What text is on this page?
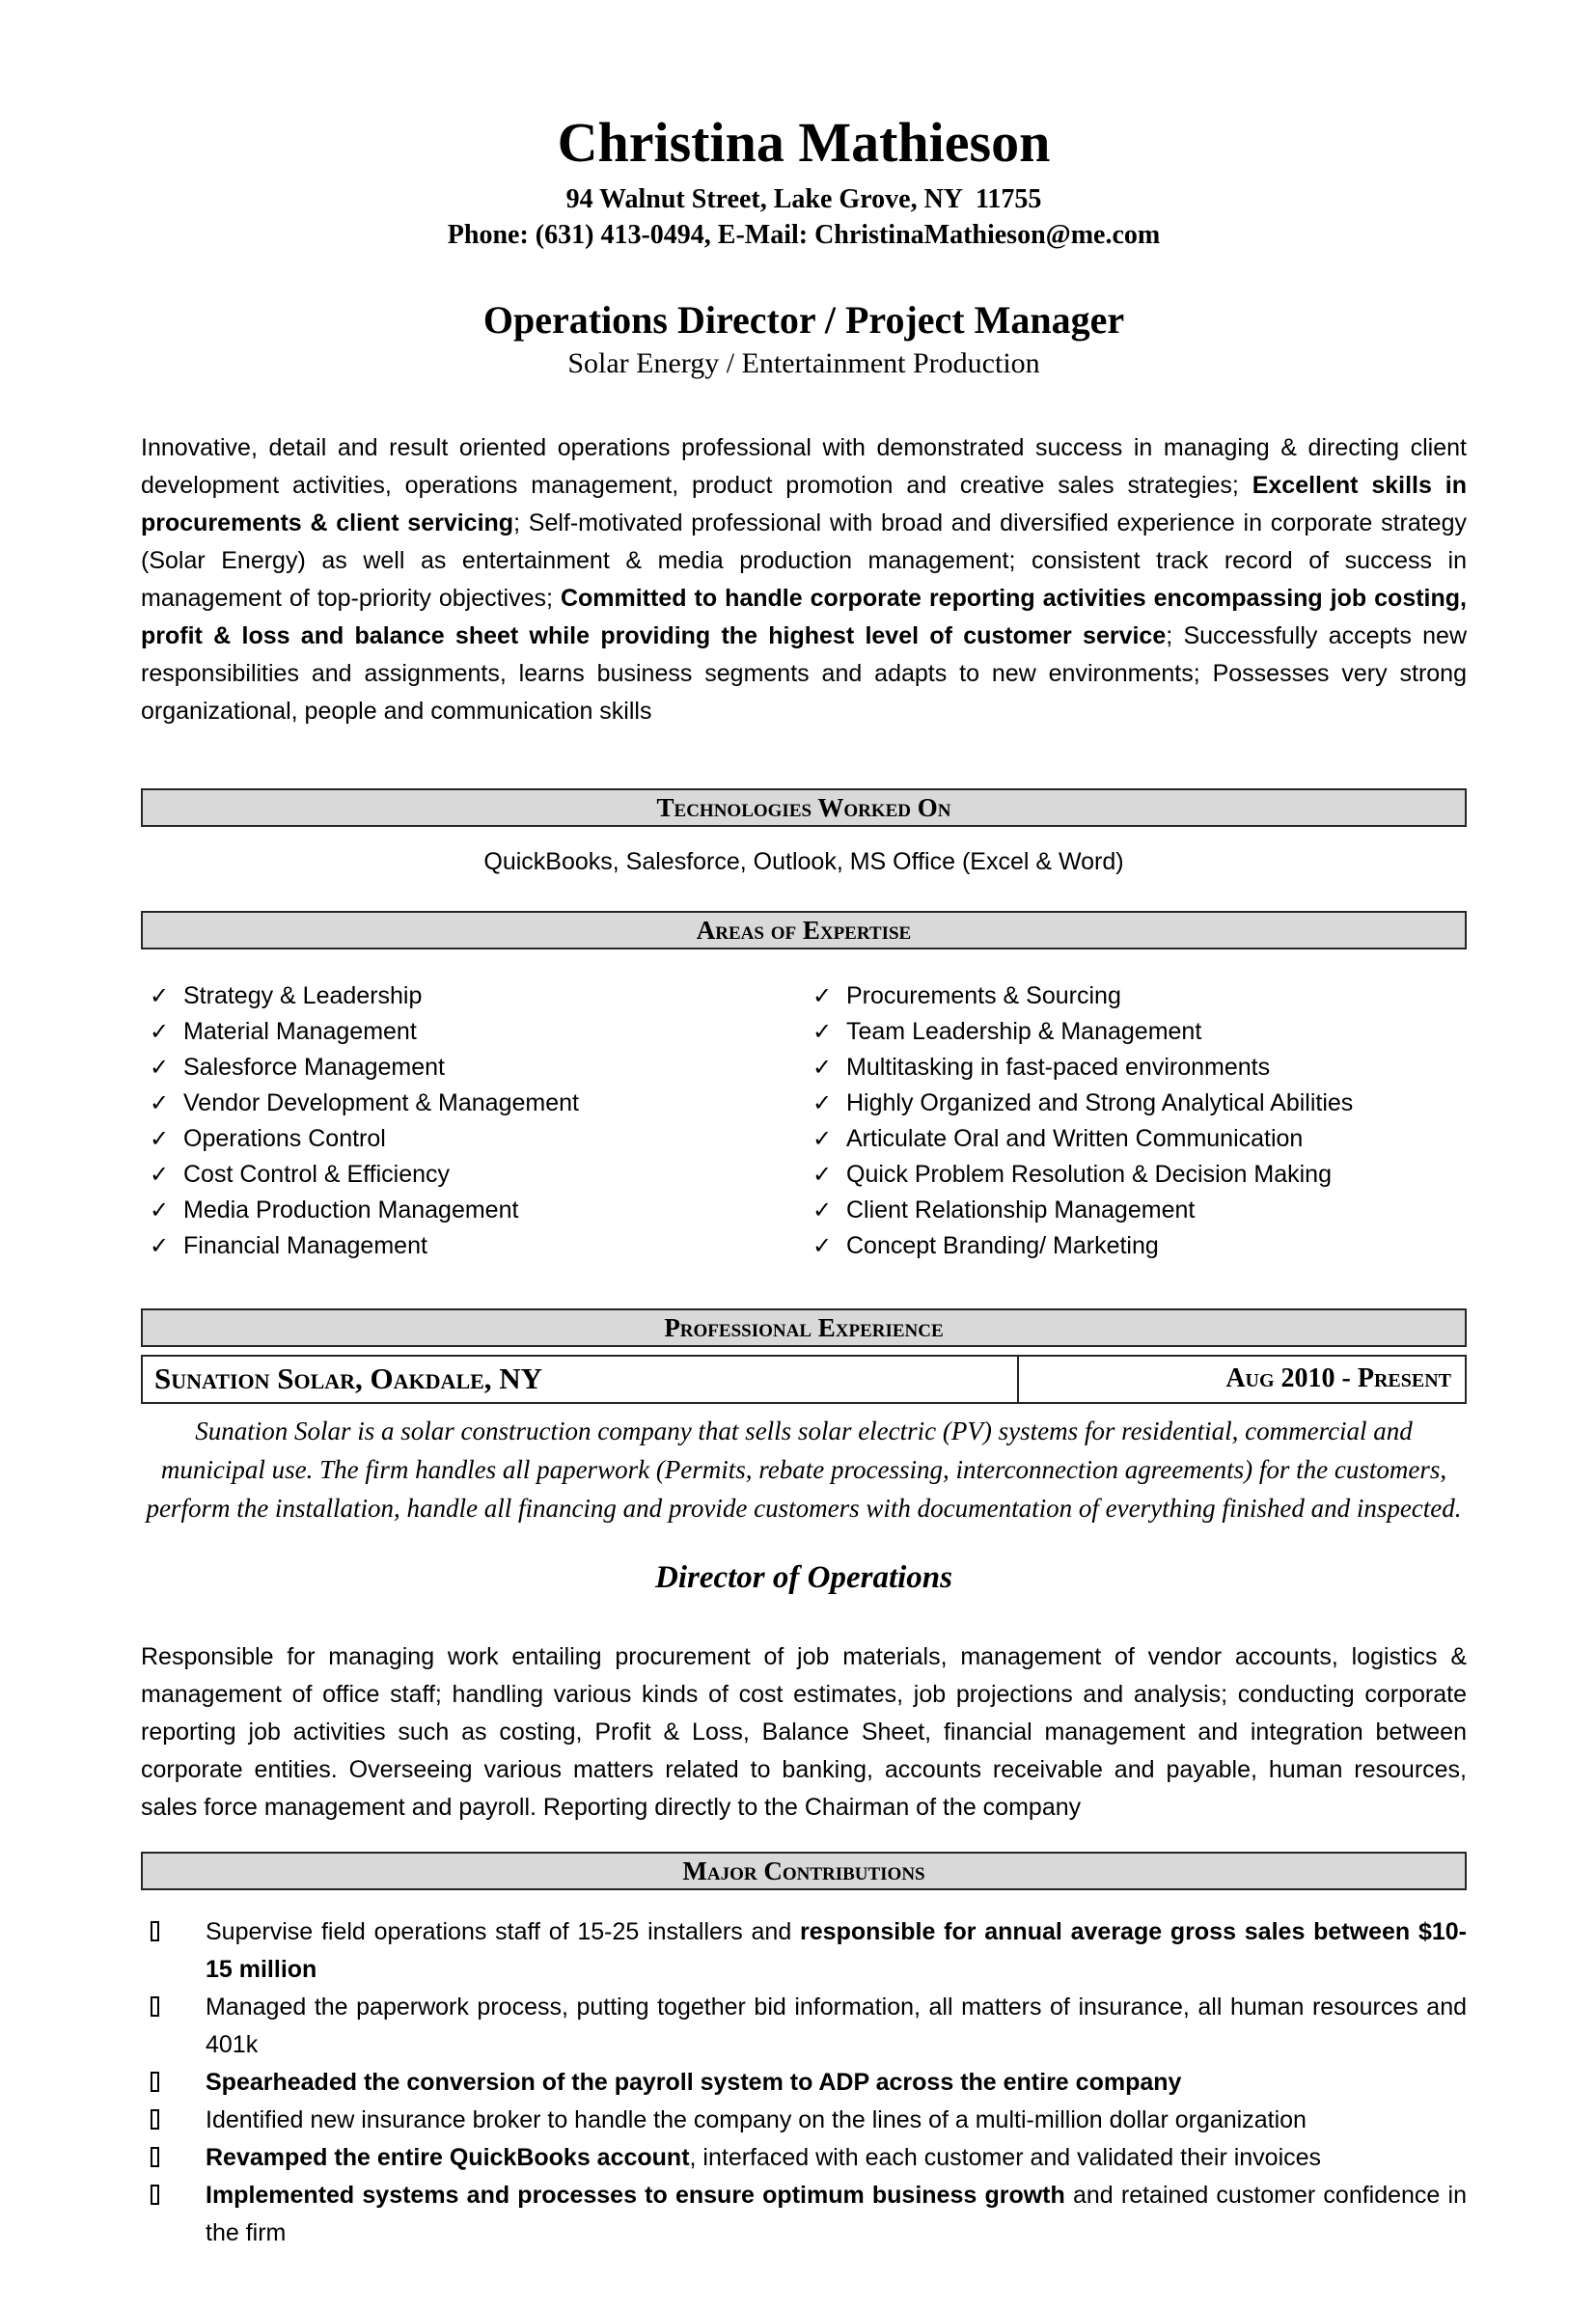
Christina Mathieson
94 Walnut Street, Lake Grove, NY  11755
Phone: (631) 413-0494, E-Mail: ChristinaMathieson@me.com
Operations Director / Project Manager
Solar Energy / Entertainment Production

Innovative, detail and result oriented operations professional with demonstrated success in managing & directing client development activities, operations management, product promotion and creative sales strategies; Excellent skills in procurements & client servicing; Self-motivated professional with broad and diversified experience in corporate strategy (Solar Energy) as well as entertainment & media production management; consistent track record of success in management of top-priority objectives; Committed to handle corporate reporting activities encompassing job costing, profit & loss and balance sheet while providing the highest level of customer service; Successfully accepts new responsibilities and assignments, learns business segments and adapts to new environments; Possesses very strong organizational, people and communication skills

Technologies Worked On
QuickBooks, Salesforce, Outlook, MS Office (Excel & Word)
Areas of Expertise
✓ Strategy & Leadership
✓ Material Management
✓ Salesforce Management
✓ Vendor Development & Management
✓ Operations Control
✓ Cost Control & Efficiency
✓ Media Production Management
✓ Financial Management
✓ Procurements & Sourcing
✓ Team Leadership & Management
✓ Multitasking in fast-paced environments
✓ Highly Organized and Strong Analytical Abilities
✓ Articulate Oral and Written Communication
✓ Quick Problem Resolution & Decision Making
✓ Client Relationship Management
✓ Concept Branding/ Marketing
Professional Experience
Sunation Solar, Oakdale, NY	Aug 2010 - Present
Sunation Solar is a solar construction company that sells solar electric (PV) systems for residential, commercial and municipal use. The firm handles all paperwork (Permits, rebate processing, interconnection agreements) for the customers, perform the installation, handle all financing and provide customers with documentation of everything finished and inspected.
Director of Operations

Responsible for managing work entailing procurement of job materials, management of vendor accounts, logistics & management of office staff; handling various kinds of cost estimates, job projections and analysis; conducting corporate reporting job activities such as costing, Profit & Loss, Balance Sheet, financial management and integration between corporate entities. Overseeing various matters related to banking, accounts receivable and payable, human resources, sales force management and payroll. Reporting directly to the Chairman of the company

Major Contributions
Supervise field operations staff of 15-25 installers and responsible for annual average gross sales between $10-15 million
Managed the paperwork process, putting together bid information, all matters of insurance, all human resources and 401k
Spearheaded the conversion of the payroll system to ADP across the entire company
Identified new insurance broker to handle the company on the lines of a multi-million dollar organization
Revamped the entire QuickBooks account, interfaced with each customer and validated their invoices
Implemented systems and processes to ensure optimum business growth and retained customer confidence in the firm
